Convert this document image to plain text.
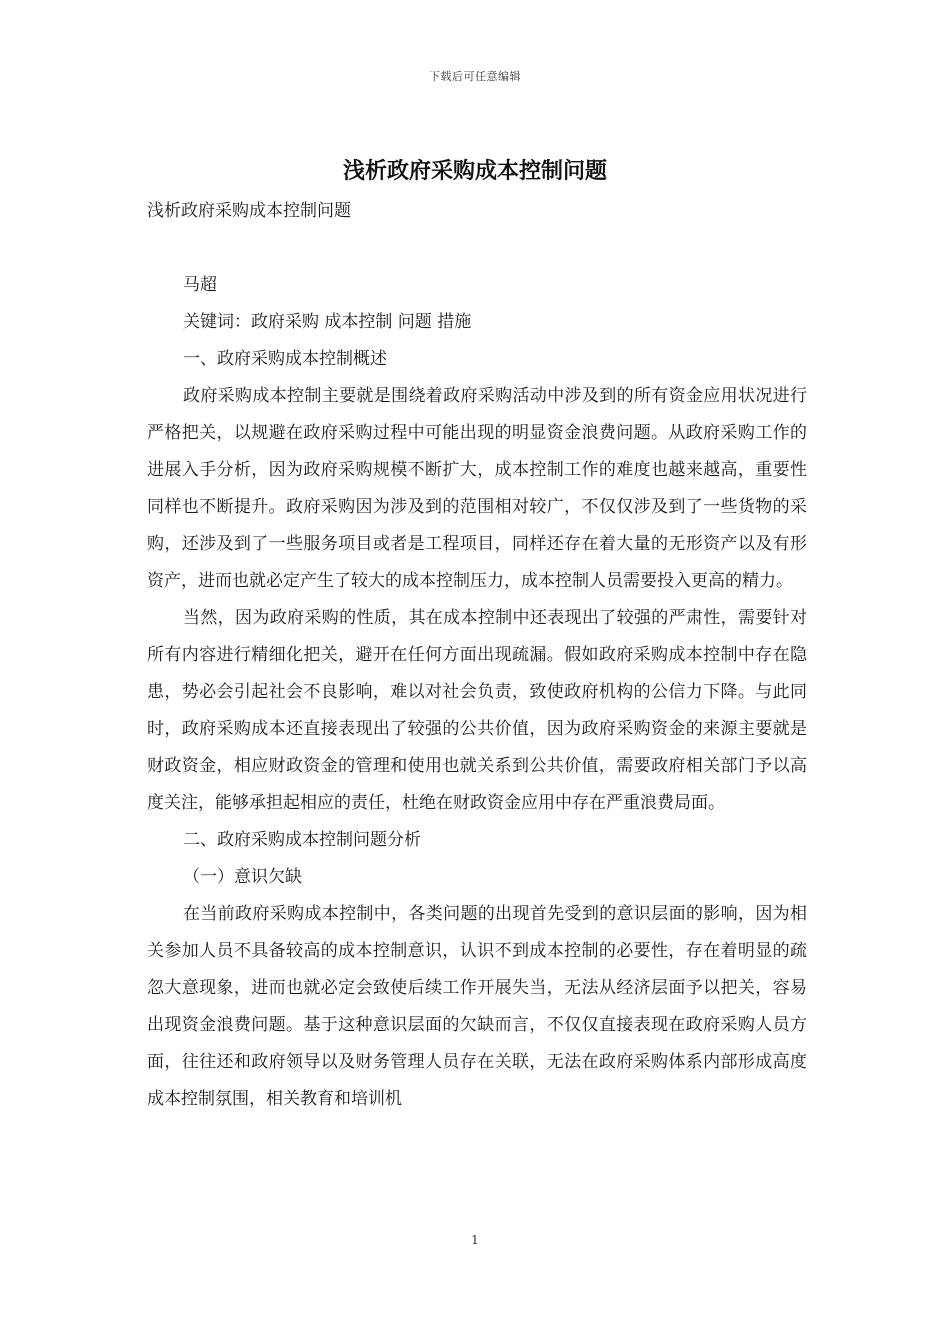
下载后可任意编辑
浅析政府采购成本控制问题

浅析政府采购成本控制问题

马超

关键词：政府采购 成本控制 问题 措施

一、政府采购成本控制概述

政府采购成本控制主要就是围绕着政府采购活动中涉及到的所有资金应用状况进行严格把关，以规避在政府采购过程中可能出现的明显资金浪费问题。从政府采购工作的进展入手分析，因为政府采购规模不断扩大，成本控制工作的难度也越来越高，重要性同样也不断提升。政府采购因为涉及到的范围相对较广，不仅仅涉及到了一些货物的采购，还涉及到了一些服务项目或者是工程项目，同样还存在着大量的无形资产以及有形资产，进而也就必定产生了较大的成本控制压力，成本控制人员需要投入更高的精力。

当然，因为政府采购的性质，其在成本控制中还表现出了较强的严肃性，需要针对所有内容进行精细化把关，避开在任何方面出现疏漏。假如政府采购成本控制中存在隐患，势必会引起社会不良影响，难以对社会负责，致使政府机构的公信力下降。与此同时，政府采购成本还直接表现出了较强的公共价值，因为政府采购资金的来源主要就是财政资金，相应财政资金的管理和使用也就关系到公共价值，需要政府相关部门予以高度关注，能够承担起相应的责任，杜绝在财政资金应用中存在严重浪费局面。

二、政府采购成本控制问题分析

（一）意识欠缺

在当前政府采购成本控制中，各类问题的出现首先受到的意识层面的影响，因为相关参加人员不具备较高的成本控制意识，认识不到成本控制的必要性，存在着明显的疏忽大意现象，进而也就必定会致使后续工作开展失当，无法从经济层面予以把关，容易出现资金浪费问题。基于这种意识层面的欠缺而言，不仅仅直接表现在政府采购人员方面，往往还和政府领导以及财务管理人员存在关联，无法在政府采购体系内部形成高度成本控制氛围，相关教育和培训机

1
